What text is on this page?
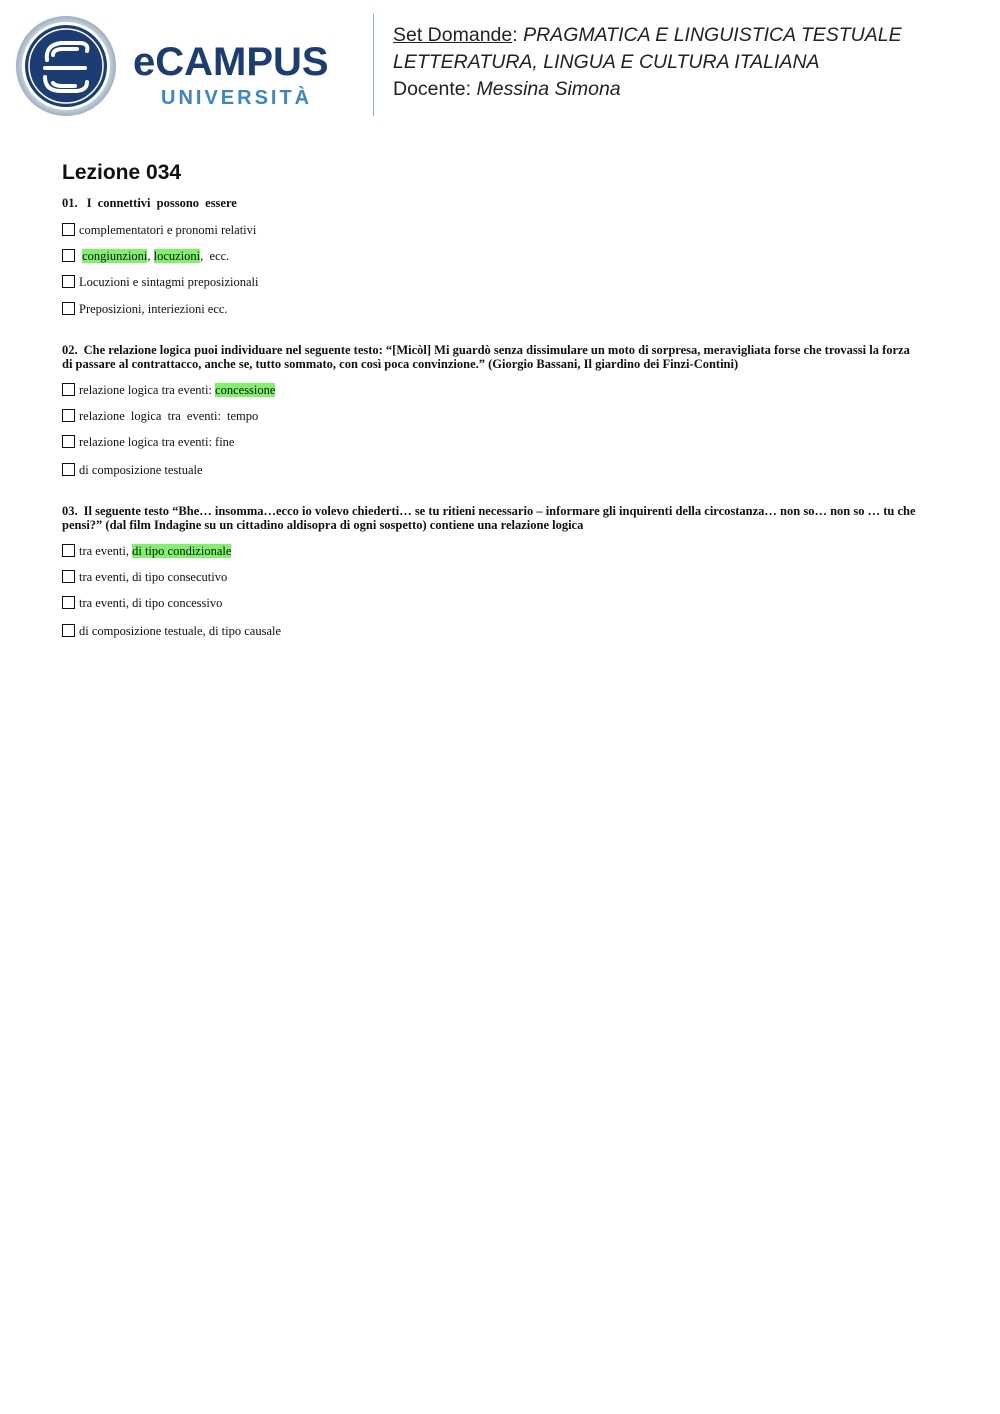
eCAMPUS
UNIVERSITÀ
Set Domande: PRAGMATICA E LINGUISTICA TESTUALE
LETTERATURA, LINGUA E CULTURA ITALIANA
Docente: Messina Simona
Lezione 034
01. I connettivi possono essere
complementatori e pronomi relativi
congiunzioni, locuzioni,  ecc.
Locuzioni e sintagmi preposizionali
Preposizioni, interiezioni ecc.
02. Che relazione logica puoi individuare nel seguente testo: “[Micòl] Mi guardò senza dissimulare un moto di sorpresa, meravigliata forse che trovassi la forza
di passare al contrattacco, anche se, tutto sommato, con così poca convinzione.” (Giorgio Bassani, Il giardino dei Finzi-Contini)
relazione logica tra eventi: concessione
relazione logica tra eventi: tempo
relazione logica tra eventi: fine
di composizione testuale
03. Il seguente testo “Bhe… insomma…ecco io volevo chiederti… se tu ritieni necessario – informare gli inquirenti della circostanza… non so… non so … tu che
pensi?” (dal film Indagine su un cittadino aldisopra di ogni sospetto) contiene una relazione logica
tra eventi, di tipo condizionale
tra eventi, di tipo consecutivo
tra eventi, di tipo concessivo
di composizione testuale, di tipo causale
